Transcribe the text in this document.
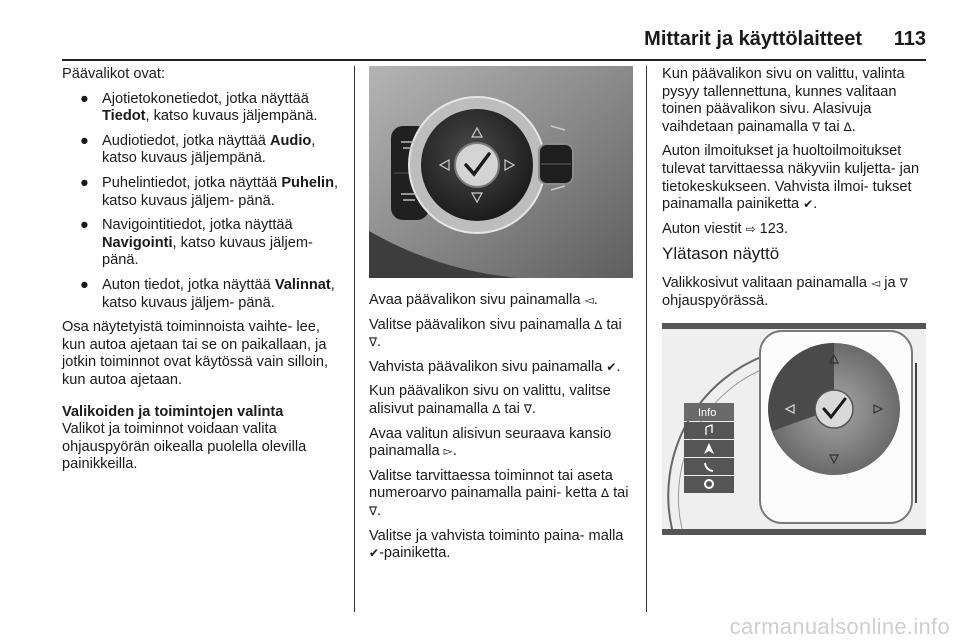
Mittarit ja käyttölaitteet 113

Päävalikot ovat:

● Ajotietokonetiedot, jotka näyttää Tiedot, katso kuvaus jäljempänä.
● Audiotiedot, jotka näyttää Audio, katso kuvaus jäljempänä.
● Puhelintiedot, jotka näyttää Puhelin, katso kuvaus jäljem- pänä.
● Navigointitiedot, jotka näyttää Navigointi, katso kuvaus jäljem- pänä.
● Auton tiedot, jotka näyttää Valinnat, katso kuvaus jäljem- pänä.

Osa näytetyistä toiminnoista vaihte- lee, kun autoa ajetaan tai se on paikallaan, ja jotkin toiminnot ovat käytössä vain silloin, kun autoa ajetaan.

Valikoiden ja toimintojen valinta

Valikot ja toiminnot voidaan valita ohjauspyörän oikealla puolella olevilla painikkeilla.

Avaa päävalikon sivu painamalla ◅.

Valitse päävalikon sivu painamalla ∆ tai ∇.

Vahvista päävalikon sivu painamalla ✔.

Kun päävalikon sivu on valittu, valitse alisivut painamalla ∆ tai ∇.

Avaa valitun alisivun seuraava kansio painamalla ▻.

Valitse tarvittaessa toiminnot tai aseta numeroarvo painamalla paini- ketta ∆ tai ∇.

Valitse ja vahvista toiminto paina- malla ✔-painiketta.

Kun päävalikon sivu on valittu, valinta pysyy tallennettuna, kunnes valitaan toinen päävalikon sivu. Alasivuja vaihdetaan painamalla ∇ tai ∆.

Auton ilmoitukset ja huoltoilmoitukset tulevat tarvittaessa näkyviin kuljetta- jan tietokeskukseen. Vahvista ilmoi- tukset painamalla painiketta ✔.

Auton viestit ⇨ 123.

Ylätason näyttö

Valikkosivut valitaan painamalla ◅ ja ∇ ohjauspyörässä.

Info
carmanualsonline.info
